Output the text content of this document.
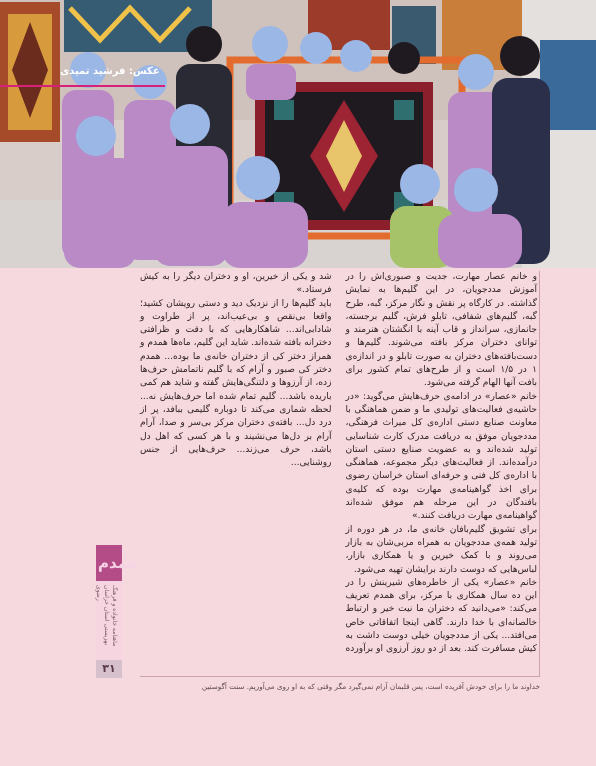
عکس: فرشید تمیدی

و خانم عصار مهارت، جدیت و صبوری‌اش را در آموزش مددجویان، در این گلیم‌ها به نمایش گذاشته. در کارگاه پر نقش و نگار مرکز، گبه، طرح گبه، گلیم‌های شفافی، تابلو فرش، گلیم برجسته، جانمازی، سرانداز و قاب آینه با انگشتان هنرمند و توانای دختران مرکز بافته می‌شوند. گلیم‌ها و دست‌بافته‌های دختران به صورت تابلو و در اندازه‌ی ۱ در ۱/۵ است و از طرح‌های تمام کشور برای بافت آنها الهام گرفته می‌شود.

خانم «عصار» در ادامه‌ی حرف‌هایش می‌گوید: «در حاشیه‌ی فعالیت‌های تولیدی ما و ضمن هماهنگی با معاونت صنایع دستی اداره‌ی کل میراث فرهنگی، مددجویان موفق به دریافت مدرک کارت شناسایی تولید شده‌اند و به عضویت صنایع دستی استان درآمده‌اند. از فعالیت‌های دیگر مجموعه، هماهنگی با اداره‌ی کل فنی و حرفه‌ای استان خراسان رضوی برای اخذ گواهینامه‌ی مهارت بوده که کلیه‌ی بافندگان در این مرحله هم موفق شده‌اند گواهینامه‌ی مهارت دریافت کنند.»

برای تشویق گلیم‌بافان خانه‌ی ما، در هر دوره از تولید همه‌ی مددجویان به همراه مربی‌شان به بازار می‌روند و با کمک خیرین و یا همکاری بازار، لباس‌هایی که دوست دارند برایشان تهیه می‌شود.

خانم «عصار» یکی از خاطره‌های شیرینش را در این ده سال همکاری با مرکز، برای همدم تعریف می‌کند: «می‌دانید که دختران ما نیت خیر و ارتباط خالصانه‌ای با خدا دارند. گاهی اینجا اتفاقاتی خاص می‌افتد... یکی از مددجویان خیلی دوست داشت به کیش مسافرت کند. بعد از دو روز آرزوی او برآورده شد و یکی از خیرین، او و دختران دیگر را به کیش فرستاد.»

باید گلیم‌ها را از نزدیک دید و دستی رویشان کشید؛ واقعا بی‌نقص و بی‌عیب‌اند، پر از طراوت و شادابی‌اند... شاهکارهایی که با دقت و ظرافتی دخترانه بافته شده‌اند. شاید این گلیم، ماه‌ها همدم و همراز دختر کی از دختران خانه‌ی ما بوده... همدم دختر کی صبور و آرام که با گلیم ناتمامش حرف‌ها زده، از آرزوها و دلتنگی‌هایش گفته و شاید هم کمی باریده باشد... گلیم تمام شده اما حرف‌هایش نه... لحظه شماری می‌کند تا دوباره گلیمی ببافد، پر از درد دل... بافته‌ی دختران مرکز بی‌سر و صدا، آرام آرام بر دل‌ها می‌نشیند و با هر کسی که اهل دل باشد، حرف می‌زند... حرف‌هایی از جنس روشنایی...

همدم
ماهنامه خانواده و فرهنگ بهزیستی استان خراسان رضوی
۳۱
خداوند ما را برای خودش آفریده است، پس قلبمان آرام نمی‌گیرد مگر وقتی که به او روی می‌آوریم. سنت آگوستین
